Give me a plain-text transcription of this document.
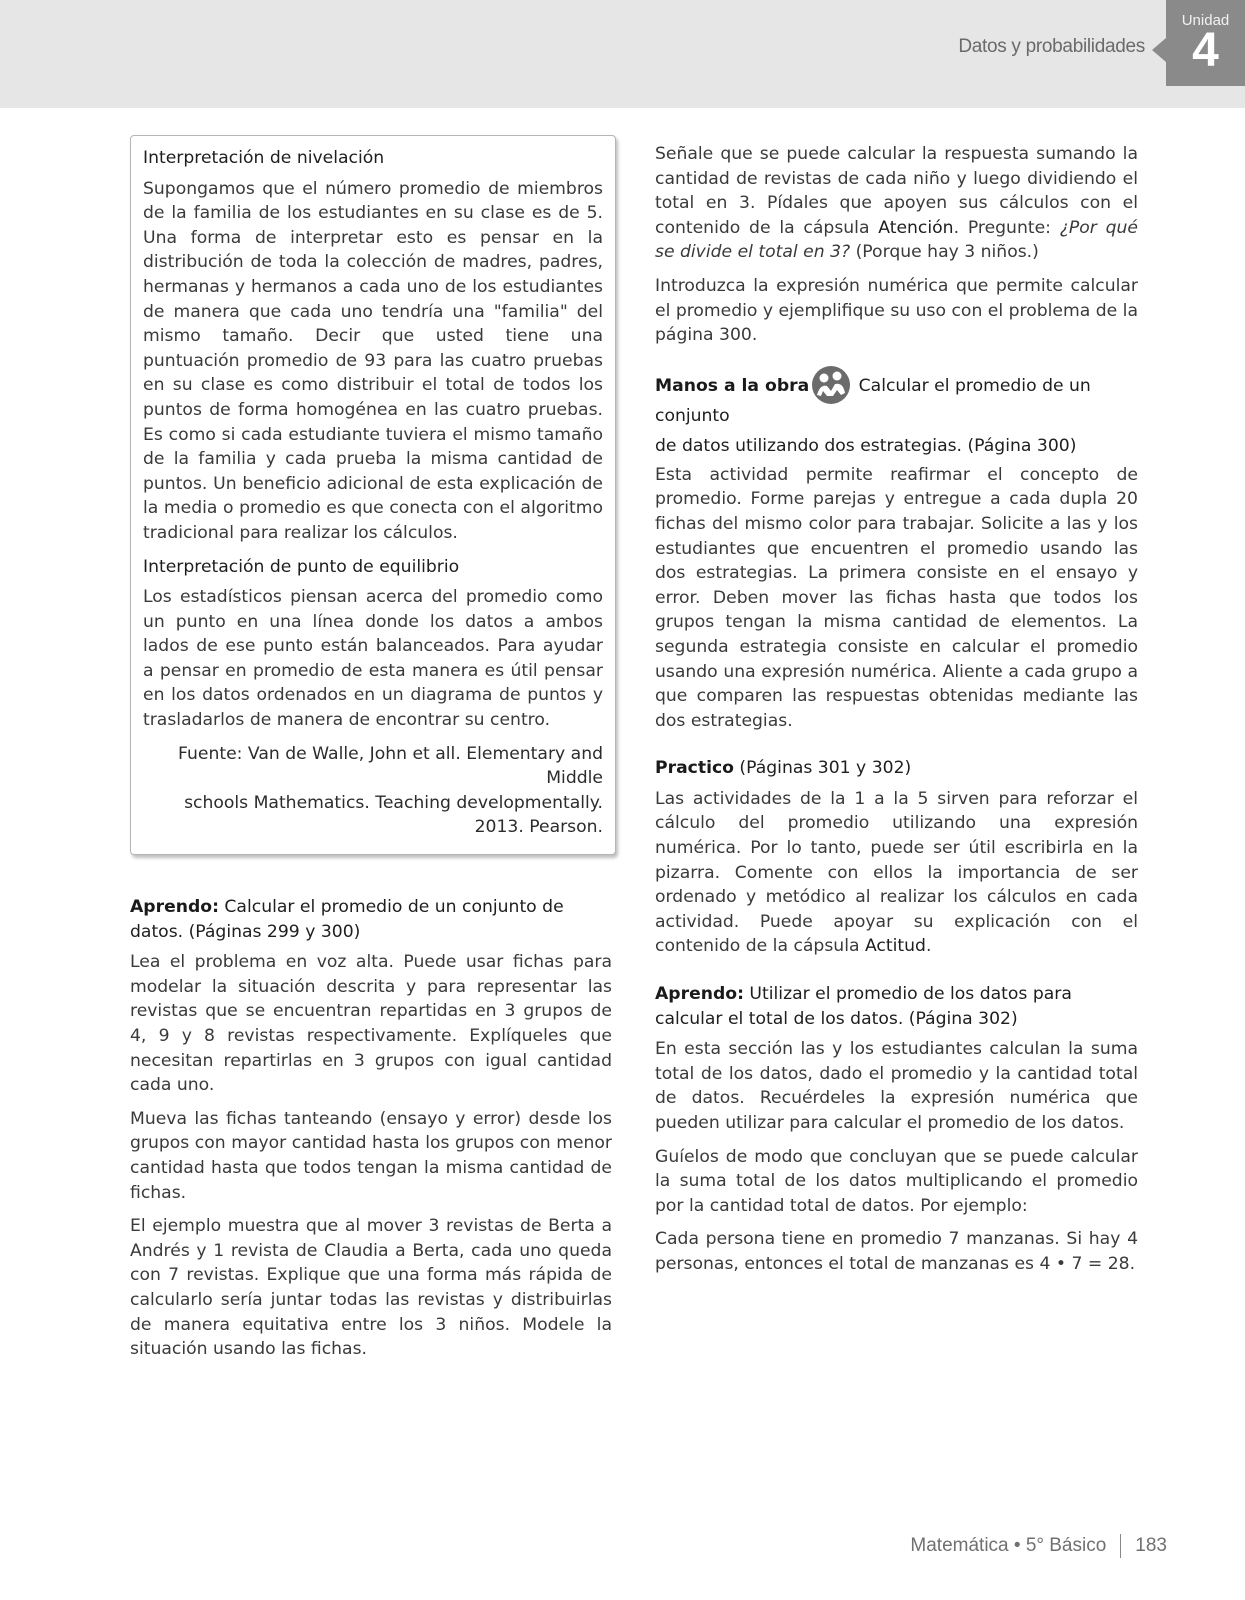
Datos y probabilidades
Unidad
4

Interpretación de nivelación

Supongamos que el número promedio de miembros de la familia de los estudiantes en su clase es de 5. Una forma de interpretar esto es pensar en la distribución de toda la colección de madres, padres, hermanas y hermanos a cada uno de los estudiantes de manera que cada uno tendría una "familia" del mismo tamaño. Decir que usted tiene una puntuación promedio de 93 para las cuatro pruebas en su clase es como distribuir el total de todos los puntos de forma homogénea en las cuatro pruebas. Es como si cada estudiante tuviera el mismo tamaño de la familia y cada prueba la misma cantidad de puntos. Un beneficio adicional de esta explicación de la media o promedio es que conecta con el algoritmo tradicional para realizar los cálculos.

Interpretación de punto de equilibrio

Los estadísticos piensan acerca del promedio como un punto en una línea donde los datos a ambos lados de ese punto están balanceados. Para ayudar a pensar en promedio de esta manera es útil pensar en los datos ordenados en un diagrama de puntos y trasladarlos de manera de encontrar su centro.

Fuente: Van de Walle, John et all. Elementary and Middle
schools Mathematics. Teaching developmentally.
2013. Pearson.

Aprendo: Calcular el promedio de un conjunto de datos. (Páginas 299 y 300)

Lea el problema en voz alta. Puede usar fichas para modelar la situación descrita y para representar las revistas que se encuentran repartidas en 3 grupos de 4, 9 y 8 revistas respectivamente. Explíqueles que necesitan repartirlas en 3 grupos con igual cantidad cada uno.

Mueva las fichas tanteando (ensayo y error) desde los grupos con mayor cantidad hasta los grupos con menor cantidad hasta que todos tengan la misma cantidad de fichas.

El ejemplo muestra que al mover 3 revistas de Berta a Andrés y 1 revista de Claudia a Berta, cada uno queda con 7 revistas. Explique que una forma más rápida de calcularlo sería juntar todas las revistas y distribuirlas de manera equitativa entre los 3 niños. Modele la situación usando las fichas.

Señale que se puede calcular la respuesta sumando la cantidad de revistas de cada niño y luego dividiendo el total en 3. Pídales que apoyen sus cálculos con el contenido de la cápsula Atención. Pregunte: ¿Por qué se divide el total en 3? (Porque hay 3 niños.)

Introduzca la expresión numérica que permite calcular el promedio y ejemplifique su uso con el problema de la página 300.

Manos a la obra	Calcular el promedio de un conjunto
de datos utilizando dos estrategias. (Página 300)

Esta actividad permite reafirmar el concepto de promedio. Forme parejas y entregue a cada dupla 20 fichas del mismo color para trabajar. Solicite a las y los estudiantes que encuentren el promedio usando las dos estrategias. La primera consiste en el ensayo y error. Deben mover las fichas hasta que todos los grupos tengan la misma cantidad de elementos. La segunda estrategia consiste en calcular el promedio usando una expresión numérica. Aliente a cada grupo a que comparen las respuestas obtenidas mediante las dos estrategias.

Practico (Páginas 301 y 302)

Las actividades de la 1 a la 5 sirven para reforzar el cálculo del promedio utilizando una expresión numérica. Por lo tanto, puede ser útil escribirla en la pizarra. Comente con ellos la importancia de ser ordenado y metódico al realizar los cálculos en cada actividad. Puede apoyar su explicación con el contenido de la cápsula Actitud.

Aprendo: Utilizar el promedio de los datos para calcular el total de los datos. (Página 302)

En esta sección las y los estudiantes calculan la suma total de los datos, dado el promedio y la cantidad total de datos. Recuérdeles la expresión numérica que pueden utilizar para calcular el promedio de los datos.

Guíelos de modo que concluyan que se puede calcular la suma total de los datos multiplicando el promedio por la cantidad total de datos. Por ejemplo:

Cada persona tiene en promedio 7 manzanas. Si hay 4 personas, entonces el total de manzanas es 4 • 7 = 28.

Matemática • 5° Básico 183
